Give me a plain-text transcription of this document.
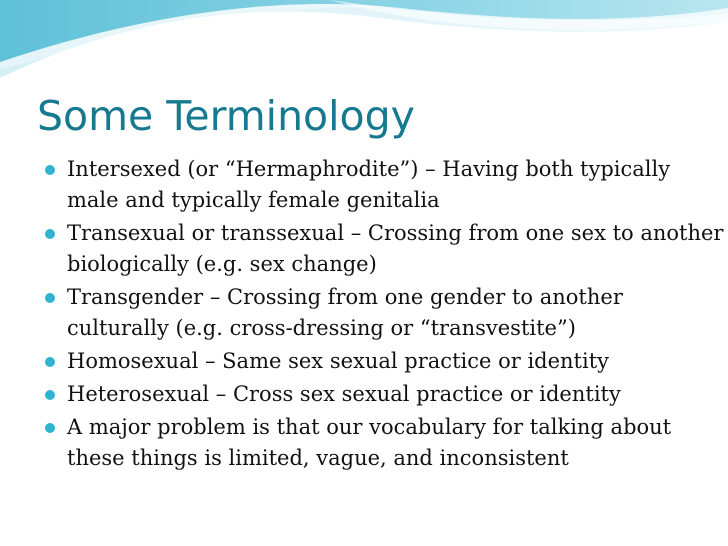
Some Terminology
Intersexed (or “Hermaphrodite”) – Having both typically male and typically female genitalia
Transexual or transsexual – Crossing from one sex to another biologically (e.g. sex change)
Transgender – Crossing from one gender to another culturally (e.g. cross-dressing or “transvestite”)
Homosexual – Same sex sexual practice or identity
Heterosexual – Cross sex sexual practice or identity
A major problem is that our vocabulary for talking about these things is limited, vague, and inconsistent
